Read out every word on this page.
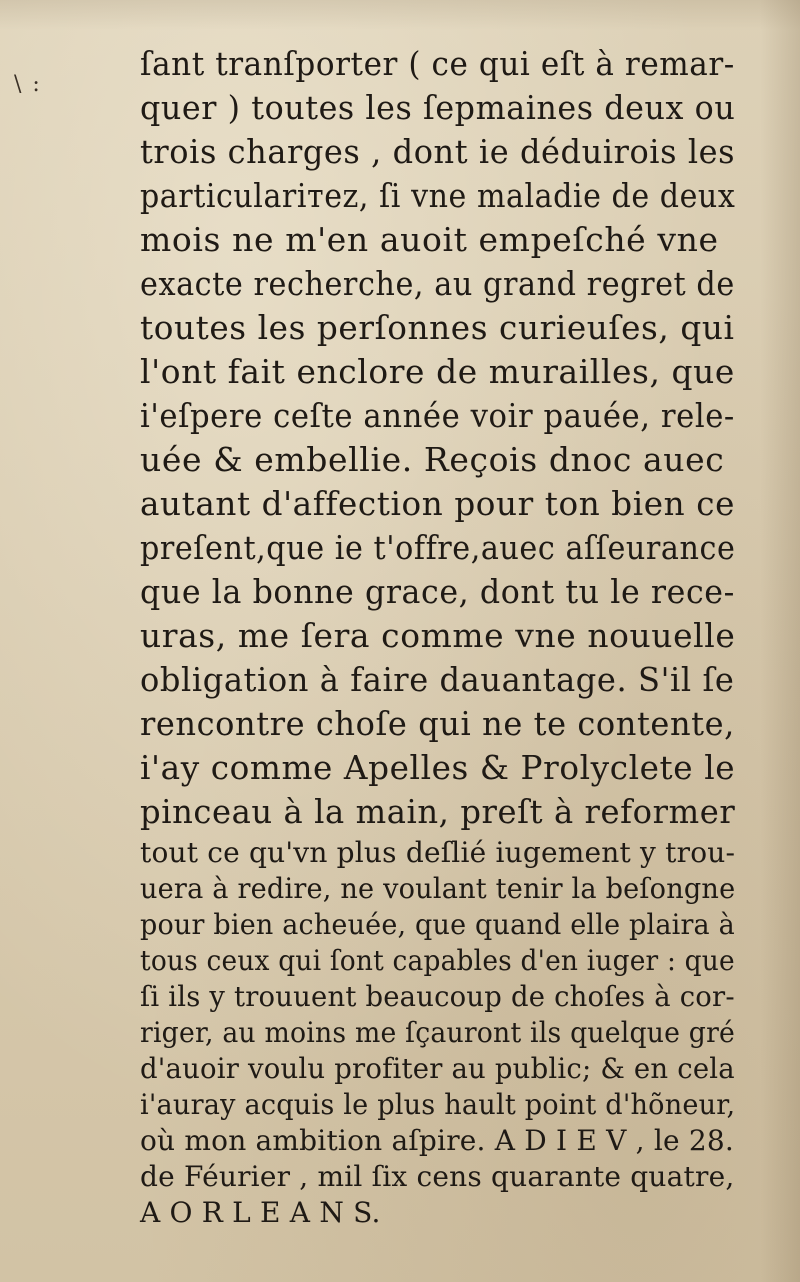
\ :
ſant tranſporter ( ce qui eſt à remar-
quer ) toutes les ſepmaines deux ou
trois charges , dont ie déduirois les
particulariтez, ſi vne maladie de deux
mois ne m'en auoit empeſché vne
exacte recherche, au grand regret de
toutes les perſonnes curieuſes, qui
l'ont fait enclore de murailles, que
i'eſpere ceſte année voir pauée, rele-
uée & embellie. Reçois dnoc auec
autant d'affection pour ton bien ce
preſent,que ie t'offre,auec aſſeurance
que la bonne grace, dont tu le rece-
uras, me ſera comme vne nouuelle
obligation à faire dauantage. S'il ſe
rencontre choſe qui ne te contente,
i'ay comme Apelles & Prolyclete le
pinceau à la main, preſt à reformer
tout ce qu'vn plus deſlié iugement y trou-
uera à redire, ne voulant tenir la beſongne
pour bien acheuée, que quand elle plaira à
tous ceux qui ſont capables d'en iuger : que
ſi ils y trouuent beaucoup de choſes à cor-
riger, au moins me ſçauront ils quelque gré
d'auoir voulu profiter au public; & en cela
i'auray acquis le plus hault point d'hõneur,
où mon ambition aſpire. A D I E V , le 28.
de Féurier , mil ſix cens quarante quatre,
A O R L E A N S.
